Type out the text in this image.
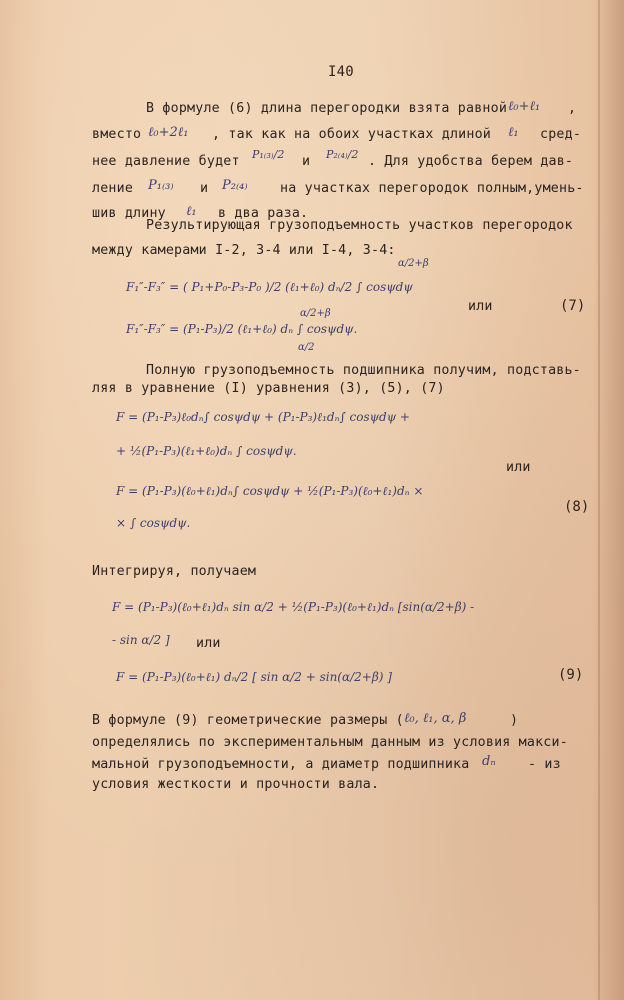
I40
В формуле (6) длина перегородки взята равной ℓ₀+ℓ₁ ,
вместо ℓ₀+2ℓ₁ , так как на обоих участках длиной ℓ₁ сред-
нее давление будет P₁₍₃₎/2 и P₂₍₄₎/2 . Для удобства берем дав-
ление P₁₍₃₎ и P₂₍₄₎ на участках перегородок полным,умень-
шив длину ℓ₁ в два раза.
Результирующая грузоподъемность участков перегородок
между камерами I-2, 3-4 или I-4, 3-4:
α/2+β
F₁″-F₃″ = ( P₁+P₀-P₃-P₀ )/2 (ℓ₁+ℓ₀) dₙ/2 ∫ cosψdψ
или	(7)
α/2+β
F₁″-F₃″ = (P₁-P₃)/2 (ℓ₁+ℓ₀) dₙ ∫ cosψdψ.
α/2
Полную грузоподъемность подшипника получим, подставь-
ляя в уравнение (I) уравнения (3), (5), (7)
F = (P₁-P₃)ℓ₀dₙ∫ cosψdψ + (P₁-P₃)ℓ₁dₙ∫ cosψdψ +
+ ½(P₁-P₃)(ℓ₁+ℓ₀)dₙ ∫ cosψdψ.
или
F = (P₁-P₃)(ℓ₀+ℓ₁)dₙ∫ cosψdψ + ½(P₁-P₃)(ℓ₀+ℓ₁)dₙ ×
(8)
× ∫ cosψdψ.
Интегрируя, получаем
F = (P₁-P₃)(ℓ₀+ℓ₁)dₙ sin α/2 + ½(P₁-P₃)(ℓ₀+ℓ₁)dₙ [sin(α/2+β) -
- sin α/2 ] или
F = (P₁-P₃)(ℓ₀+ℓ₁) dₙ/2 [ sin α/2 + sin(α/2+β) ]	(9)
В формуле (9) геометрические размеры ( ℓ₀, ℓ₁, α, β	)
определялись по экспериментальным данным из условия макси-
мальной грузоподъемности, а диаметр подшипника dₙ - из
условия жесткости и прочности вала.
